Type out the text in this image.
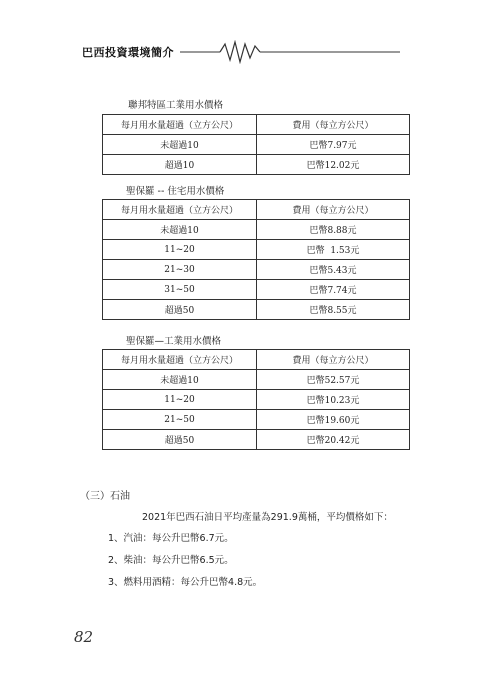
巴西投資環境簡介
聯邦特區工業用水價格
每月用水量超過（立方公尺）	費用（每立方公尺）
未超過10	巴幣7.97元
超過10	巴幣12.02元
聖保羅 -- 住宅用水價格
每月用水量超過（立方公尺）	費用（每立方公尺）
未超過10	巴幣8.88元
11~20	巴幣  1.53元
21~30	巴幣5.43元
31~50	巴幣7.74元
超過50	巴幣8.55元
聖保羅—工業用水價格
每月用水量超過（立方公尺）	費用（每立方公尺）
未超過10	巴幣52.57元
11~20	巴幣10.23元
21~50	巴幣19.60元
超過50	巴幣20.42元
（三）石油
2021年巴西石油日平均產量為291.9萬桶，平均價格如下：
1、汽油：每公升巴幣6.7元。
2、柴油：每公升巴幣6.5元。
3、燃料用酒精：每公升巴幣4.8元。
82
